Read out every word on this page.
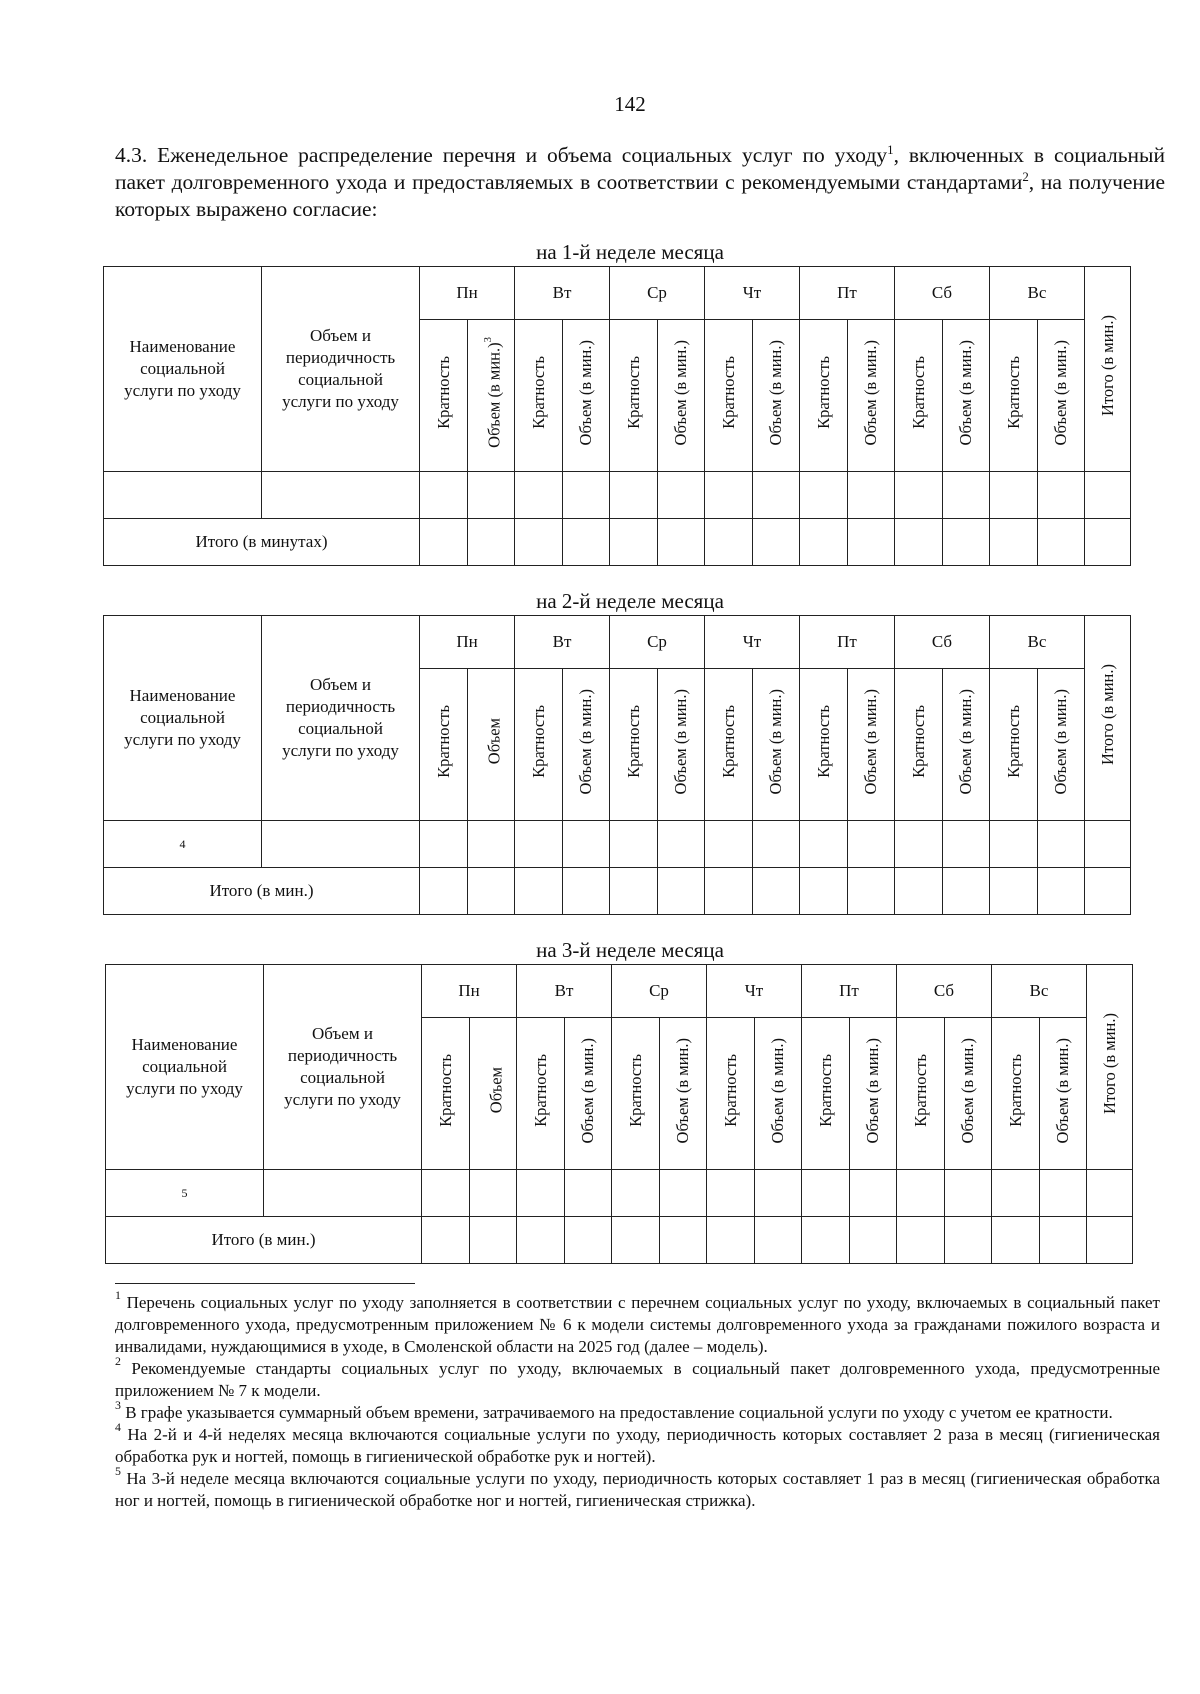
142

4.3. Еженедельное распределение перечня и объема социальных услуг по уходу$^1$, включенных в социальный пакет долговременного ухода и предоставляемых в соответствии с рекомендуемыми стандартами$^2$, на получение которых выражено согласие:

на 1-й неделе месяца
Наименование социальной услуги по уходу	Объем и периодичность социальной услуги по уходу	Пн		Вт		Ср		Чт		Пт		Сб		Вс		Итого (в мин.)
		Кратность	Объем (в мин.)$^3$	Кратность	Объем (в мин.)	Кратность	Объем (в мин.)	Кратность	Объем (в мин.)	Кратность	Объем (в мин.)	Кратность	Объем (в мин.)	Кратность	Объем (в мин.)	

Итого (в минутах)																
на 2-й неделе месяца
Наименование социальной услуги по уходу	Объем и периодичность социальной услуги по уходу	Пн		Вт		Ср		Чт		Пт		Сб		Вс		Итого (в мин.)
		Кратность	Объем	Кратность	Объем (в мин.)	Кратность	Объем (в мин.)	Кратность	Объем (в мин.)	Кратность	Объем (в мин.)	Кратность	Объем (в мин.)	Кратность	Объем (в мин.)	
4																
Итого (в мин.)																
на 3-й неделе месяца
Наименование социальной услуги по уходу	Объем и периодичность социальной услуги по уходу	Пн		Вт		Ср		Чт		Пт		Сб		Вс		Итого (в мин.)
		Кратность	Объем	Кратность	Объем (в мин.)	Кратность	Объем (в мин.)	Кратность	Объем (в мин.)	Кратность	Объем (в мин.)	Кратность	Объем (в мин.)	Кратность	Объем (в мин.)	
5																
Итого (в мин.)																

$^1$ Перечень социальных услуг по уходу заполняется в соответствии с перечнем социальных услуг по уходу, включаемых в социальный пакет долговременного ухода, предусмотренным приложением № 6 к модели системы долговременного ухода за гражданами пожилого возраста и инвалидами, нуждающимися в уходе, в Смоленской области на 2025 год (далее – модель).

$^2$ Рекомендуемые стандарты социальных услуг по уходу, включаемых в социальный пакет долговременного ухода, предусмотренные приложением № 7 к модели.

$^3$ В графе указывается суммарный объем времени, затрачиваемого на предоставление социальной услуги по уходу с учетом ее кратности.

$^4$ На 2-й и 4-й неделях месяца включаются социальные услуги по уходу, периодичность которых составляет 2 раза в месяц (гигиеническая обработка рук и ногтей, помощь в гигиенической обработке рук и ногтей).

$^5$ На 3-й неделе месяца включаются социальные услуги по уходу, периодичность которых составляет 1 раз в месяц (гигиеническая обработка ног и ногтей, помощь в гигиенической обработке ног и ногтей, гигиеническая стрижка).
